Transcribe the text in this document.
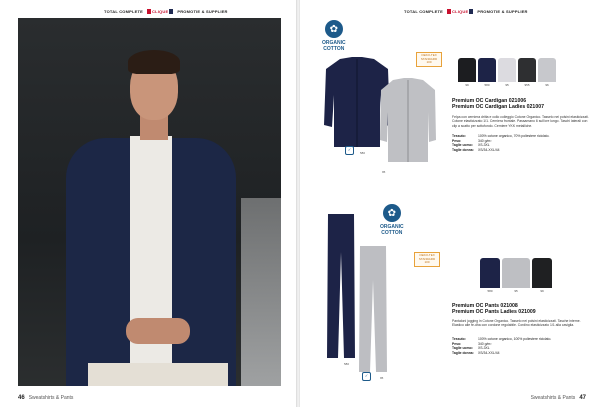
TOTAL COMPLETE CLIQUE PROMOTIE & SUPPLIER
46 Sweatshirts & Pants
TOTAL COMPLETE CLIQUE PROMOTIE & SUPPLIER
✿
ORGANIC
COTTON
580
95
✓
OEKO-TEX STANDARD 100
99	580	95	955	96
Premium OC Cardigan 021006
Premium OC Cardigan Ladies 021007
Felpa con cerniera dritta e collo colleggio Cotone Organico. Tasselo nei polsini elasticizzati. Cotone elasticizzato 1/1. Cerniera frontale. Passamano 6 sull'ore lungo. Taschi laterali con clip a scatto per sottofondo. Cerniere YKK metalliche.
Tessuto:	100% cotone organico, 70% poliestere riciclato.
Peso:	340 g/m²
Taglie uomo:	XS-3XL
Taglie donna: XS/34-XXL/44
✿
ORGANIC
COTTON
580
95
✓
OEKO-TEX STANDARD 100
580	95	99
Premium OC Pants 021008
Premium OC Pants Ladies 021009
Pantaloni jogging in Cotone Organico. Tasselo nei polsini elasticizzati. Tasche interne. Elastico alle fe-dha con cordone regolabile. Cordino elasticizzato 1/1 alla caviglia.
Tessuto:	100% cotone organico, 100% poliestere riciclato.
Peso:	340 g/m²
Taglie uomo:	XS-3XL
Taglie donna: XS/34-XXL/44
Sweatshirts & Pants 47
